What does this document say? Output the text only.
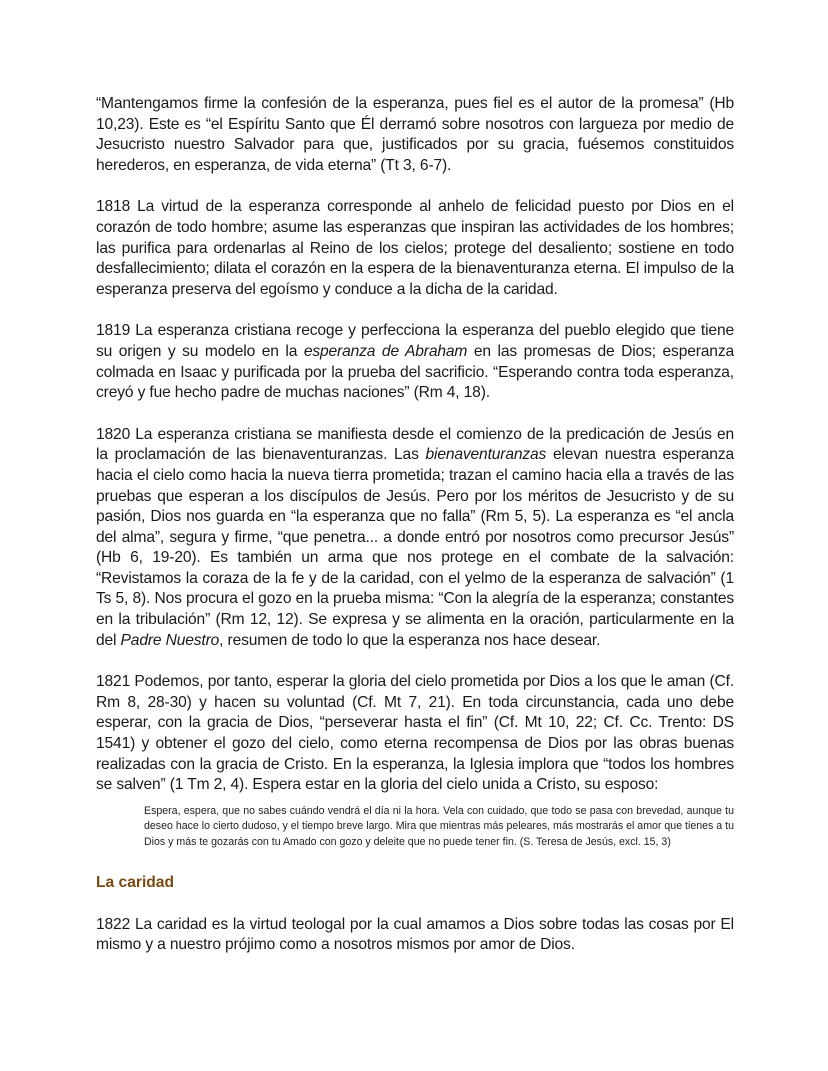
“Mantengamos firme la confesión de la esperanza, pues fiel es el autor de la promesa” (Hb 10,23). Este es “el Espíritu Santo que Él derramó sobre nosotros con largueza por medio de Jesucristo nuestro Salvador para que, justificados por su gracia, fuésemos constituidos herederos, en esperanza, de vida eterna” (Tt 3, 6-7).

1818 La virtud de la esperanza corresponde al anhelo de felicidad puesto por Dios en el corazón de todo hombre; asume las esperanzas que inspiran las actividades de los hombres; las purifica para ordenarlas al Reino de los cielos; protege del desaliento; sostiene en todo desfallecimiento; dilata el corazón en la espera de la bienaventuranza eterna. El impulso de la esperanza preserva del egoísmo y conduce a la dicha de la caridad.

1819 La esperanza cristiana recoge y perfecciona la esperanza del pueblo elegido que tiene su origen y su modelo en la esperanza de Abraham en las promesas de Dios; esperanza colmada en Isaac y purificada por la prueba del sacrificio. “Esperando contra toda esperanza, creyó y fue hecho padre de muchas naciones” (Rm 4, 18).

1820 La esperanza cristiana se manifiesta desde el comienzo de la predicación de Jesús en la proclamación de las bienaventuranzas. Las bienaventuranzas elevan nuestra esperanza hacia el cielo como hacia la nueva tierra prometida; trazan el camino hacia ella a través de las pruebas que esperan a los discípulos de Jesús. Pero por los méritos de Jesucristo y de su pasión, Dios nos guarda en “la esperanza que no falla” (Rm 5, 5). La esperanza es “el ancla del alma”, segura y firme, “que penetra... a donde entró por nosotros como precursor Jesús” (Hb 6, 19-20). Es también un arma que nos protege en el combate de la salvación: “Revistamos la coraza de la fe y de la caridad, con el yelmo de la esperanza de salvación” (1 Ts 5, 8). Nos procura el gozo en la prueba misma: “Con la alegría de la esperanza; constantes en la tribulación” (Rm 12, 12). Se expresa y se alimenta en la oración, particularmente en la del Padre Nuestro, resumen de todo lo que la esperanza nos hace desear.

1821 Podemos, por tanto, esperar la gloria del cielo prometida por Dios a los que le aman (Cf. Rm 8, 28-30) y hacen su voluntad (Cf. Mt 7, 21). En toda circunstancia, cada uno debe esperar, con la gracia de Dios, “perseverar hasta el fin” (Cf. Mt 10, 22; Cf. Cc. Trento: DS 1541) y obtener el gozo del cielo, como eterna recompensa de Dios por las obras buenas realizadas con la gracia de Cristo. En la esperanza, la Iglesia implora que “todos los hombres se salven” (1 Tm 2, 4). Espera estar en la gloria del cielo unida a Cristo, su esposo:

Espera, espera, que no sabes cuándo vendrá el día ni la hora. Vela con cuidado, que todo se pasa con brevedad, aunque tu deseo hace lo cierto dudoso, y el tiempo breve largo. Mira que mientras más peleares, más mostrarás el amor que tienes a tu Dios y más te gozarás con tu Amado con gozo y deleite que no puede tener fin. (S. Teresa de Jesús, excl. 15, 3)

La caridad

1822 La caridad es la virtud teologal por la cual amamos a Dios sobre todas las cosas por El mismo y a nuestro prójimo como a nosotros mismos por amor de Dios.
